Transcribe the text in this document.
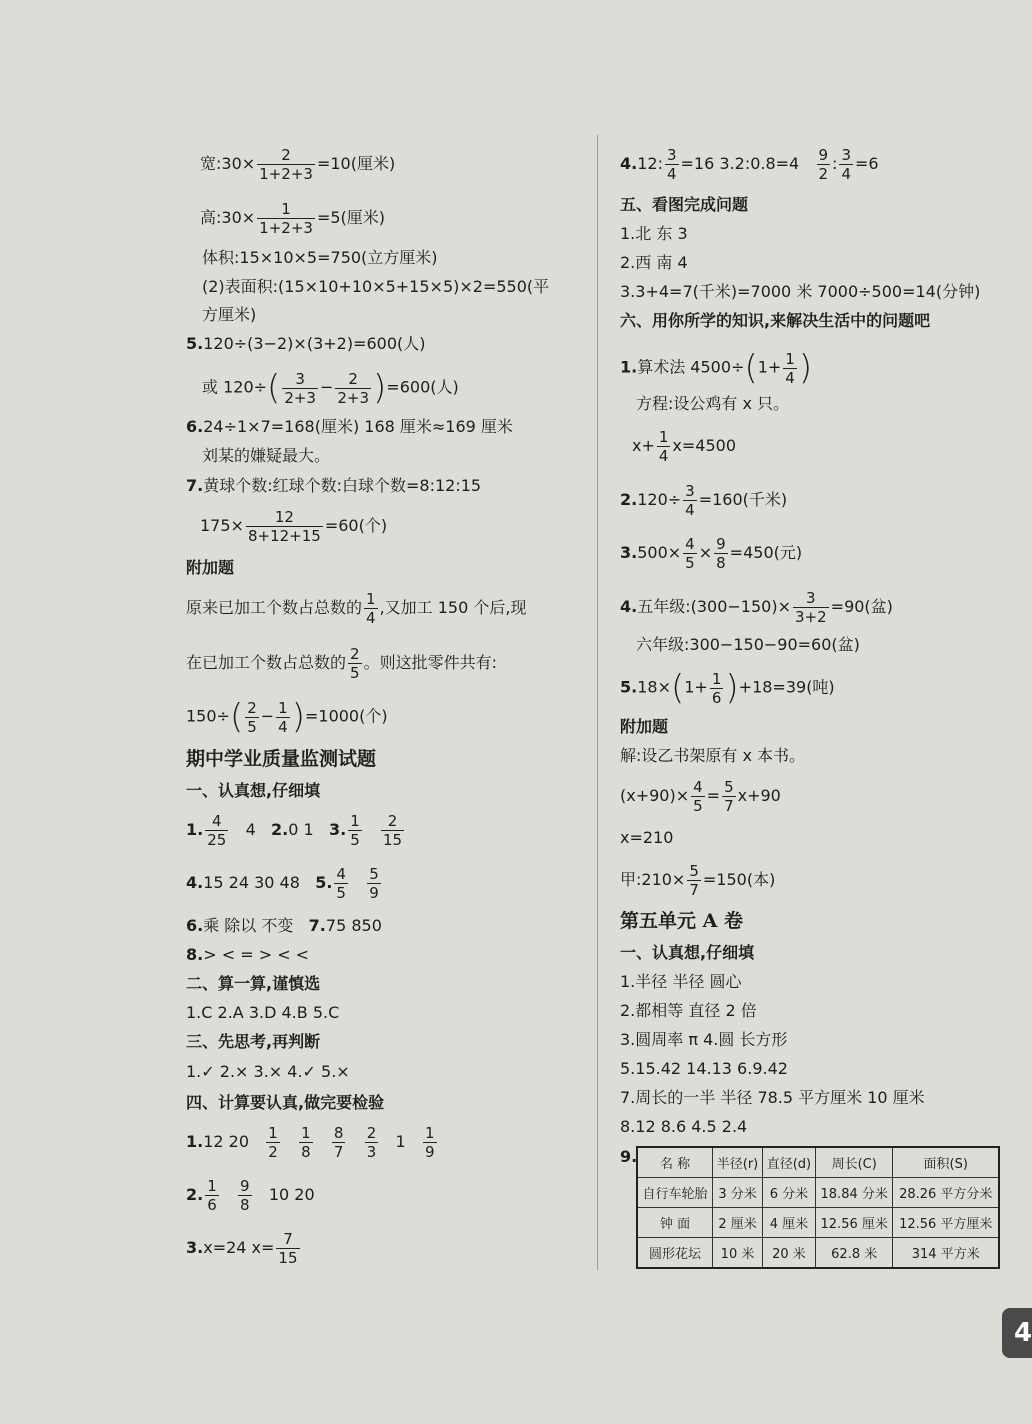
宽:30× $\frac{2}{1+2+3} =10$(厘米)
高:30× $\frac{1}{1+2+3} =5$(厘米)
体积:15×10×5=750(立方厘米)
(2)表面积:(15×10+10×5+15×5)×2=550(平
方厘米)
5.120÷(3−2)×(3+2)=600(人)
或 $120\div( \frac{3}{2+3} - \frac{2}{2+3} )=600$(人)
6.24÷1×7=168(厘米) 168 厘米≈169 厘米
刘某的嫌疑最大。
7.黄球个数:红球个数:白球个数=8:12:15
$175\times \frac{12}{8+12+15} =60$(个)
附加题
原来已加工个数占总数的 $\frac{1}{4}$ ,又加工 150 个后,现
在已加工个数占总数的 $\frac{2}{5}$ 。则这批零件共有:
$150\div( \frac{2}{5} - \frac{1}{4} )=1000$(个)
期中学业质量监测试题
一、认真想,仔细填
1. $\frac{4}{25} 4$ 2.0 1 3. $\frac{1}{5}$
$\frac{2}{15}$
4.15 24 30 48 5. $\frac{4}{5}$
$\frac{5}{9}$
6.乘 除以 不变 7.75 850
8.> < = > < <
二、算一算,谨慎选
1.C 2.A 3.D 4.B 5.C
三、先思考,再判断
1.✓ 2.× 3.× 4.✓ 5.×
四、计算要认真,做完要检验
1.12 $20 \frac{1}{2}$
$\frac{1}{8}$
$\frac{8}{7}$
$\frac{2}{3} 1 \frac{1}{9}$
2. $\frac{1}{6}$
$\frac{9}{8} 10$ 20
3.x=24 $x= \frac{7}{15}$
4.12: $\frac{3}{4} =16$ 3.2:0.8=4 $\frac{9}{2}$ : $\frac{3}{4} =6$
五、看图完成问题
1.北 东 3
2.西 南 4
3.3+4=7(千米)=7000 米 7000÷500=14(分钟)
六、用你所学的知识,来解决生活中的问题吧
1.算术法 $4500\div(1+ \frac{1}{4}$ )
方程:设公鸡有 x 只。
$x+ \frac{1}{4} x=4500$
$2.120\div \frac{3}{4} =160$(千米)
$3.500\times \frac{4}{5} \times \frac{9}{8} =450$(元)
4.五年级:(300−150)× $\frac{3}{3+2} =90$(盆)
六年级:300−150−90=60(盆)
$5.18\times(1+ \frac{1}{6} )+18=39$(吨)
附加题
解:设乙书架原有 x 本书。
$(x+90)\times \frac{4}{5} = \frac{5}{7} x+90$
x=210
甲:210× $\frac{5}{7} =150$(本)
第五单元 A 卷
一、认真想,仔细填
1.半径 半径 圆心
2.都相等 直径 2 倍
3.圆周率 π 4.圆 长方形
5.15.42 14.13 6.9.42
7.周长的一半 半径 78.5 平方厘米 10 厘米
8.12 8.6 4.5 2.4
9. 名 称	半径(r)	直径(d)	周长(C)	面积(S)
自行车轮胎	3 分米	6 分米	18.84 分米	28.26 平方分米
钟 面	2 厘米	4 厘米	12.56 厘米	12.56 平方厘米
圆形花坛	10 米	20 米	62.8 米	314 平方米
4
